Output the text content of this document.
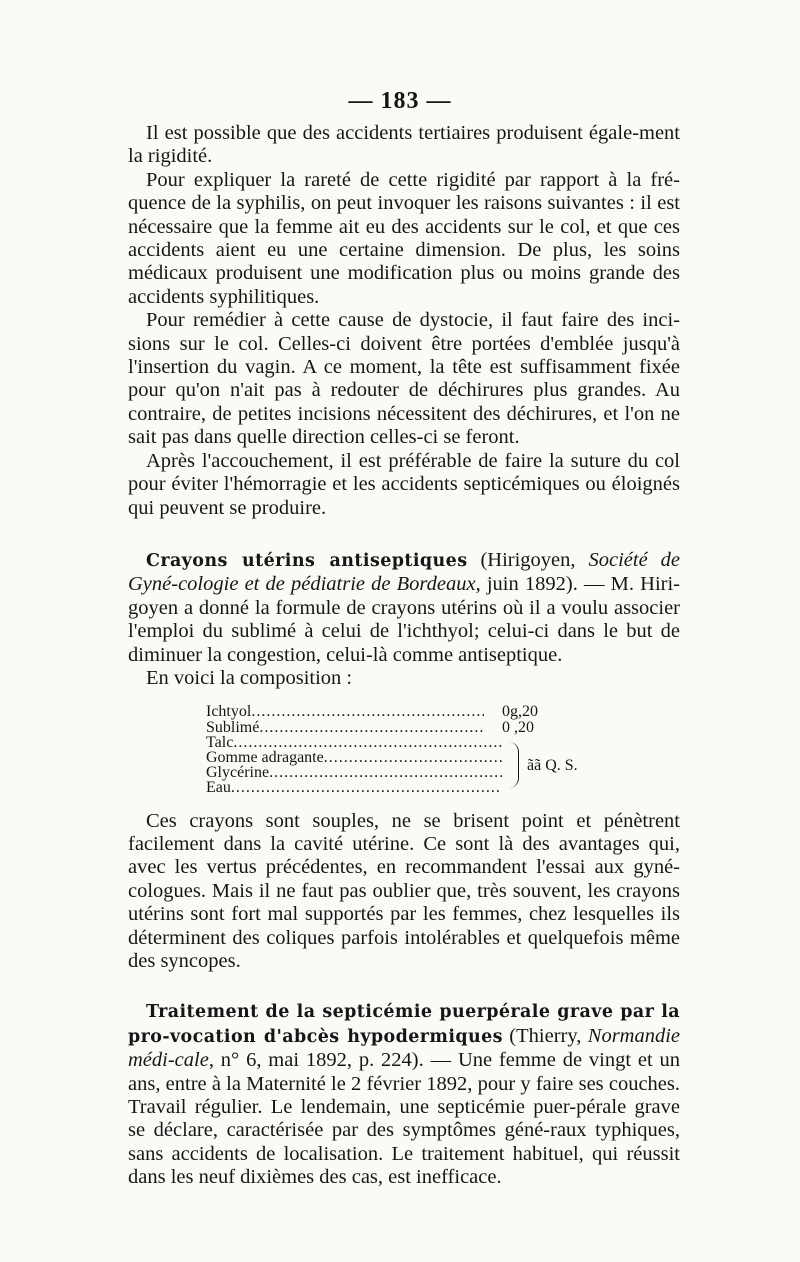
— 183 —

Il est possible que des accidents tertiaires produisent égale-ment la rigidité.

Pour expliquer la rareté de cette rigidité par rapport à la fré-quence de la syphilis, on peut invoquer les raisons suivantes : il est nécessaire que la femme ait eu des accidents sur le col, et que ces accidents aient eu une certaine dimension. De plus, les soins médicaux produisent une modification plus ou moins grande des accidents syphilitiques.

Pour remédier à cette cause de dystocie, il faut faire des inci-sions sur le col. Celles-ci doivent être portées d'emblée jusqu'à l'insertion du vagin. A ce moment, la tête est suffisamment fixée pour qu'on n'ait pas à redouter de déchirures plus grandes. Au contraire, de petites incisions nécessitent des déchirures, et l'on ne sait pas dans quelle direction celles-ci se feront.

Après l'accouchement, il est préférable de faire la suture du col pour éviter l'hémorragie et les accidents septicémiques ou éloignés qui peuvent se produire.

Crayons utérins antiseptiques (Hirigoyen, Société de Gyné-cologie et de pédiatrie de Bordeaux, juin 1892). — M. Hiri-goyen a donné la formule de crayons utérins où il a voulu associer l'emploi du sublimé à celui de l'ichthyol; celui-ci dans le but de diminuer la congestion, celui-là comme antiseptique.

En voici la composition :

Ichtyol .....	0g,20
Sublimé .....	0 ,20
Talc
.....
Gomme adragante
.....
Glycérine
.....
Eau
.....
ãã Q. S.

Ces crayons sont souples, ne se brisent point et pénètrent facilement dans la cavité utérine. Ce sont là des avantages qui, avec les vertus précédentes, en recommandent l'essai aux gyné-cologues. Mais il ne faut pas oublier que, très souvent, les crayons utérins sont fort mal supportés par les femmes, chez lesquelles ils déterminent des coliques parfois intolérables et quelquefois même des syncopes.

Traitement de la septicémie puerpérale grave par la pro-vocation d'abcès hypodermiques (Thierry, Normandie médi-cale, n° 6, mai 1892, p. 224). — Une femme de vingt et un ans, entre à la Maternité le 2 février 1892, pour y faire ses couches. Travail régulier. Le lendemain, une septicémie puer-pérale grave se déclare, caractérisée par des symptômes géné-raux typhiques, sans accidents de localisation. Le traitement habituel, qui réussit dans les neuf dixièmes des cas, est inefficace.
